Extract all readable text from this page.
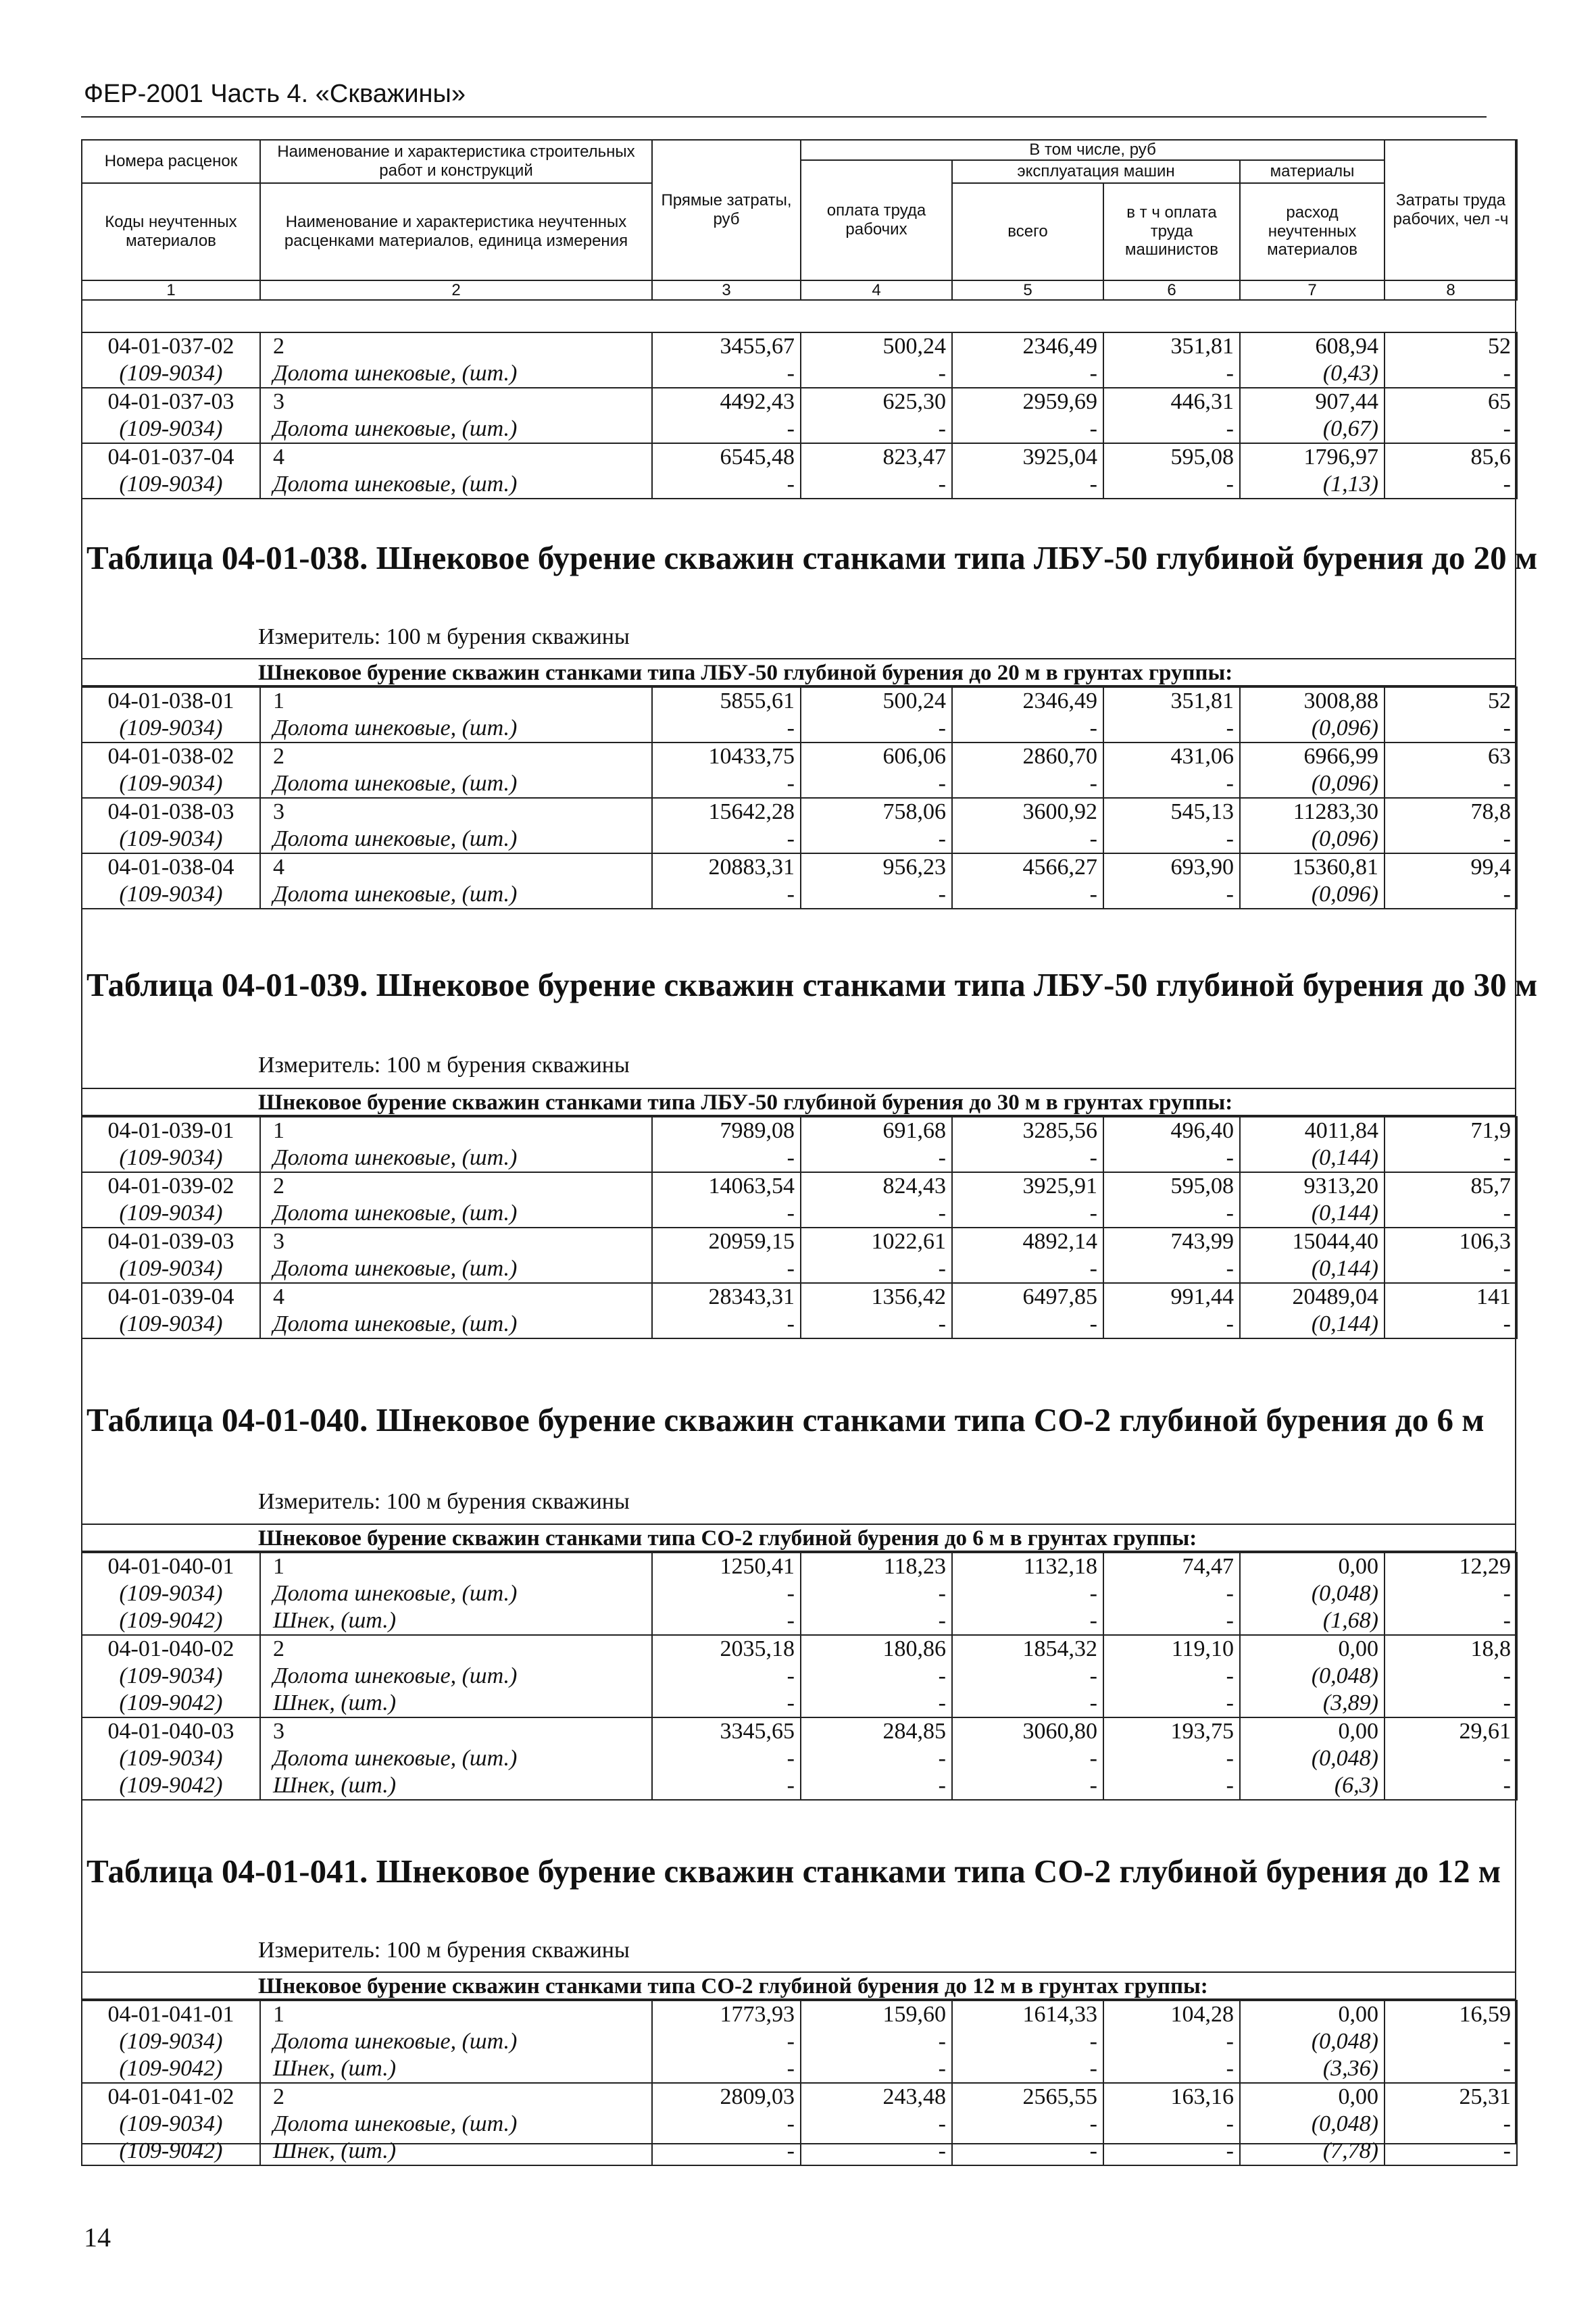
ФЕР-2001 Часть 4. «Скважины»
Номера расценок	Наименование и характеристика строительных работ и конструкций	Прямые затраты, руб	В том числе, руб				Затраты труда рабочих, чел -ч
			оплата труда рабочих	эксплуатация машин		материалы	
Коды неучтенных материалов	Наименование и характеристика неучтенных расценками материалов, единица измерения			всего	в т ч оплата труда машинистов	расход неучтенных материалов	

1	2	3	4	5	6	7	8
04-01-037-02	2	3455,67	500,24	2346,49	351,81	608,94	52
(109-9034)	Долота шнековые, (шт.)	-	-	-	-	(0,43)	-
04-01-037-03	3	4492,43	625,30	2959,69	446,31	907,44	65
(109-9034)	Долота шнековые, (шт.)	-	-	-	-	(0,67)	-
04-01-037-04	4	6545,48	823,47	3925,04	595,08	1796,97	85,6
(109-9034)	Долота шнековые, (шт.)	-	-	-	-	(1,13)	-
Таблица 04-01-038. Шнековое бурение скважин станками типа ЛБУ-50 глубиной бурения до 20 м
Измеритель: 100 м бурения скважины
Шнековое бурение скважин станками типа ЛБУ-50 глубиной бурения до 20 м в грунтах группы:
04-01-038-01	1	5855,61	500,24	2346,49	351,81	3008,88	52
(109-9034)	Долота шнековые, (шт.)	-	-	-	-	(0,096)	-
04-01-038-02	2	10433,75	606,06	2860,70	431,06	6966,99	63
(109-9034)	Долота шнековые, (шт.)	-	-	-	-	(0,096)	-
04-01-038-03	3	15642,28	758,06	3600,92	545,13	11283,30	78,8
(109-9034)	Долота шнековые, (шт.)	-	-	-	-	(0,096)	-
04-01-038-04	4	20883,31	956,23	4566,27	693,90	15360,81	99,4
(109-9034)	Долота шнековые, (шт.)	-	-	-	-	(0,096)	-
Таблица 04-01-039. Шнековое бурение скважин станками типа ЛБУ-50 глубиной бурения до 30 м
Измеритель: 100 м бурения скважины
Шнековое бурение скважин станками типа ЛБУ-50 глубиной бурения до 30 м в грунтах группы:
04-01-039-01	1	7989,08	691,68	3285,56	496,40	4011,84	71,9
(109-9034)	Долота шнековые, (шт.)	-	-	-	-	(0,144)	-
04-01-039-02	2	14063,54	824,43	3925,91	595,08	9313,20	85,7
(109-9034)	Долота шнековые, (шт.)	-	-	-	-	(0,144)	-
04-01-039-03	3	20959,15	1022,61	4892,14	743,99	15044,40	106,3
(109-9034)	Долота шнековые, (шт.)	-	-	-	-	(0,144)	-
04-01-039-04	4	28343,31	1356,42	6497,85	991,44	20489,04	141
(109-9034)	Долота шнековые, (шт.)	-	-	-	-	(0,144)	-
Таблица 04-01-040. Шнековое бурение скважин станками типа СО-2 глубиной бурения до 6 м
Измеритель: 100 м бурения скважины
Шнековое бурение скважин станками типа СО-2 глубиной бурения до 6 м в грунтах группы:
04-01-040-01	1	1250,41	118,23	1132,18	74,47	0,00	12,29
(109-9034)	Долота шнековые, (шт.)	-	-	-	-	(0,048)	-
(109-9042)	Шнек, (шт.)	-	-	-	-	(1,68)	-
04-01-040-02	2	2035,18	180,86	1854,32	119,10	0,00	18,8
(109-9034)	Долота шнековые, (шт.)	-	-	-	-	(0,048)	-
(109-9042)	Шнек, (шт.)	-	-	-	-	(3,89)	-
04-01-040-03	3	3345,65	284,85	3060,80	193,75	0,00	29,61
(109-9034)	Долота шнековые, (шт.)	-	-	-	-	(0,048)	-
(109-9042)	Шнек, (шт.)	-	-	-	-	(6,3)	-
Таблица 04-01-041. Шнековое бурение скважин станками типа СО-2 глубиной бурения до 12 м
Измеритель: 100 м бурения скважины
Шнековое бурение скважин станками типа СО-2 глубиной бурения до 12 м в грунтах группы:
04-01-041-01	1	1773,93	159,60	1614,33	104,28	0,00	16,59
(109-9034)	Долота шнековые, (шт.)	-	-	-	-	(0,048)	-
(109-9042)	Шнек, (шт.)	-	-	-	-	(3,36)	-
04-01-041-02	2	2809,03	243,48	2565,55	163,16	0,00	25,31
(109-9034)	Долота шнековые, (шт.)	-	-	-	-	(0,048)	-
(109-9042)	Шнек, (шт.)	-	-	-	-	(7,78)	-
14
